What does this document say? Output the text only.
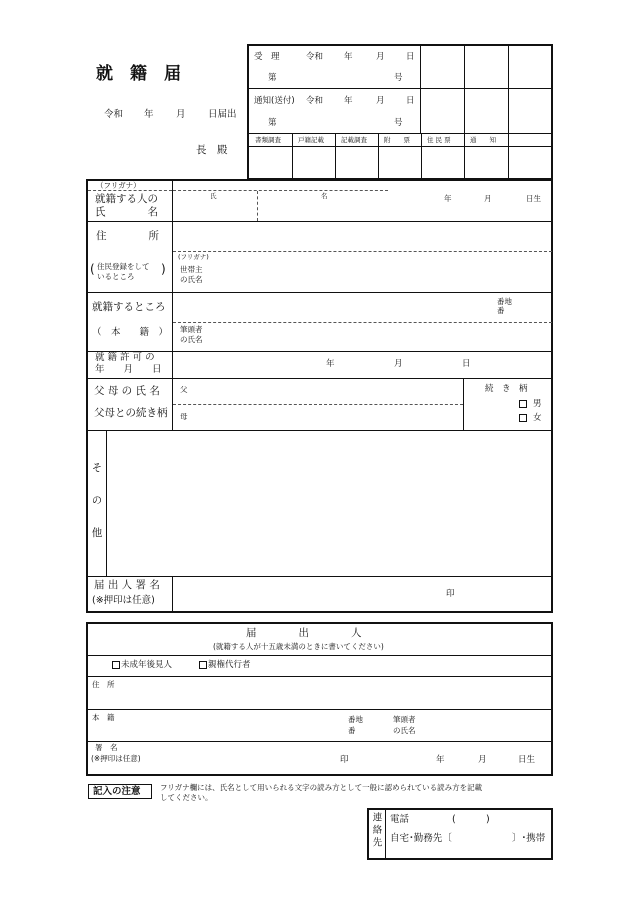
就　籍　届
令和 年 月 日届出
長　殿
受　理	令和 年	月	日
第	号
通知(送付) 令和 年	月	日
第	号
書類調査	戸籍記載	記載調査	附　　票	住 民 票	通　　知
（フリガナ）
就籍する人の
氏　　　　名
氏	名	年	月	日生
住　　　　所
(フリガナ)
( 住民登録をして
いるところ
) 世帯主
の氏名
就籍するところ
（　本　　籍　）
番地
番
筆頭者
の氏名
就 籍 許 可 の
年　　月　　日	年	月	日
父 母 の 氏 名
父母との続き柄
父
母
続　き　柄
男
女
その他
届 出 人 署 名
(※押印は任意)
印
届　　　　出　　　　人
(就籍する人が十五歳未満のときに書いてください)
未成年後見人	親権代行者
住　所
本　籍	番地
番
筆頭者
の氏名
署　名
(※押印は任意)	印	年	月	日生
記入の注意	フリガナ欄には、氏名として用いられる文字の読み方として一般に認められている読み方を記載
してください。
連絡先 電話	(	)
自宅･勤務先〔	〕･携帯
